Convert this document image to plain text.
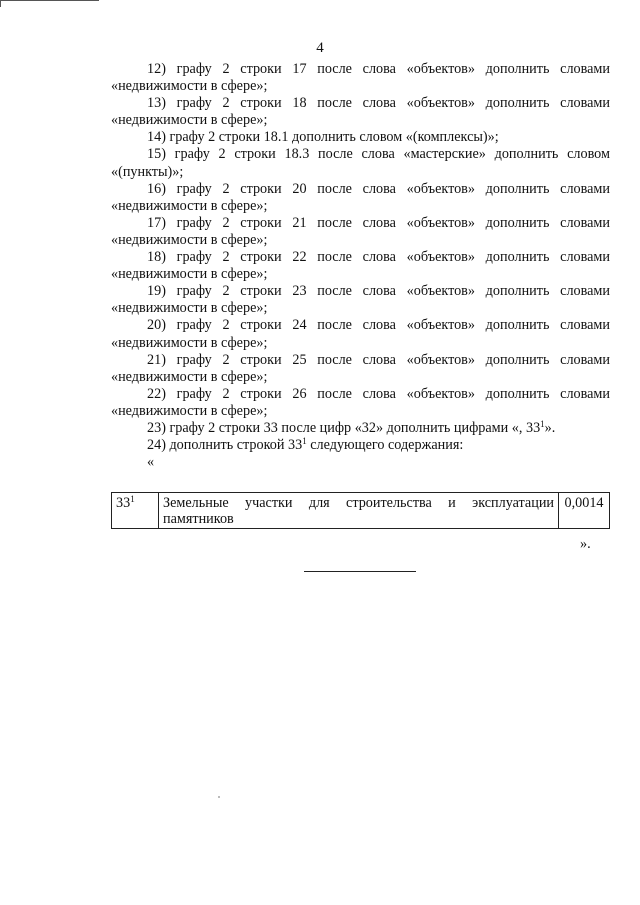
4

12) графу 2 строки 17 после слова «объектов» дополнить словами «недвижимости в сфере»;

13) графу 2 строки 18 после слова «объектов» дополнить словами «недвижимости в сфере»;

14) графу 2 строки 18.1 дополнить словом «(комплексы)»;

15) графу 2 строки 18.3 после слова «мастерские» дополнить словом «(пункты)»;

16) графу 2 строки 20 после слова «объектов» дополнить словами «недвижимости в сфере»;

17) графу 2 строки 21 после слова «объектов» дополнить словами «недвижимости в сфере»;

18) графу 2 строки 22 после слова «объектов» дополнить словами «недвижимости в сфере»;

19) графу 2 строки 23 после слова «объектов» дополнить словами «недвижимости в сфере»;

20) графу 2 строки 24 после слова «объектов» дополнить словами «недвижимости в сфере»;

21) графу 2 строки 25 после слова «объектов» дополнить словами «недвижимости в сфере»;

22) графу 2 строки 26 после слова «объектов» дополнить словами «недвижимости в сфере»;

23) графу 2 строки 33 после цифр «32» дополнить цифрами «, $33^1$».

24) дополнить строкой $33^1$ следующего содержания:

«

$33^1$	Земельные участки для строительства и эксплуатации памятников	0,0014
».
